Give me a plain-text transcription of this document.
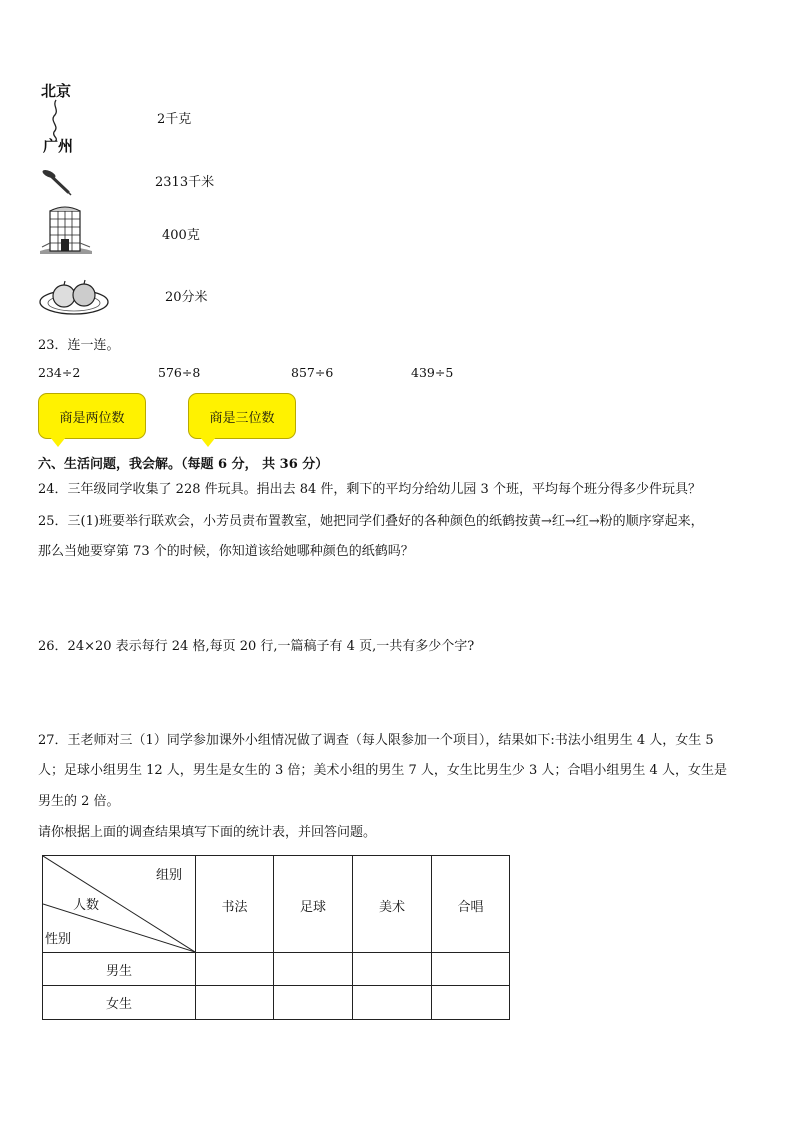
北京
广州
2千克
2313千米
400克
20分米
23．连一连。
234÷2	576÷8	857÷6	439÷5
商是两位数	商是三位数
六、生活问题，我会解。（每题 6 分， 共 36 分）
24．三年级同学收集了 228 件玩具。捐出去 84 件，剩下的平均分给幼儿园 3 个班，平均每个班分得多少件玩具？
25．三(1)班要举行联欢会，小芳员责布置教室，她把同学们叠好的各种颜色的纸鹤按黄→红→红→粉的顺序穿起来，
那么当她要穿第 73 个的时候，你知道该给她哪种颜色的纸鹤吗？
26．24×20 表示每行 24 格,每页 20 行,一篇稿子有 4 页,一共有多少个字?
27．王老师对三（1）同学参加课外小组情况做了调查（每人限参加一个项目），结果如下:书法小组男生 4 人，女生 5
人；足球小组男生 12 人，男生是女生的 3 倍；美术小组的男生 7 人，女生比男生少 3 人；合唱小组男生 4 人，女生是
男生的 2 倍。
请你根据上面的调查结果填写下面的统计表，并回答问题。
组别
人数
性别	书法	足球	美术	合唱
男生				
女生				
